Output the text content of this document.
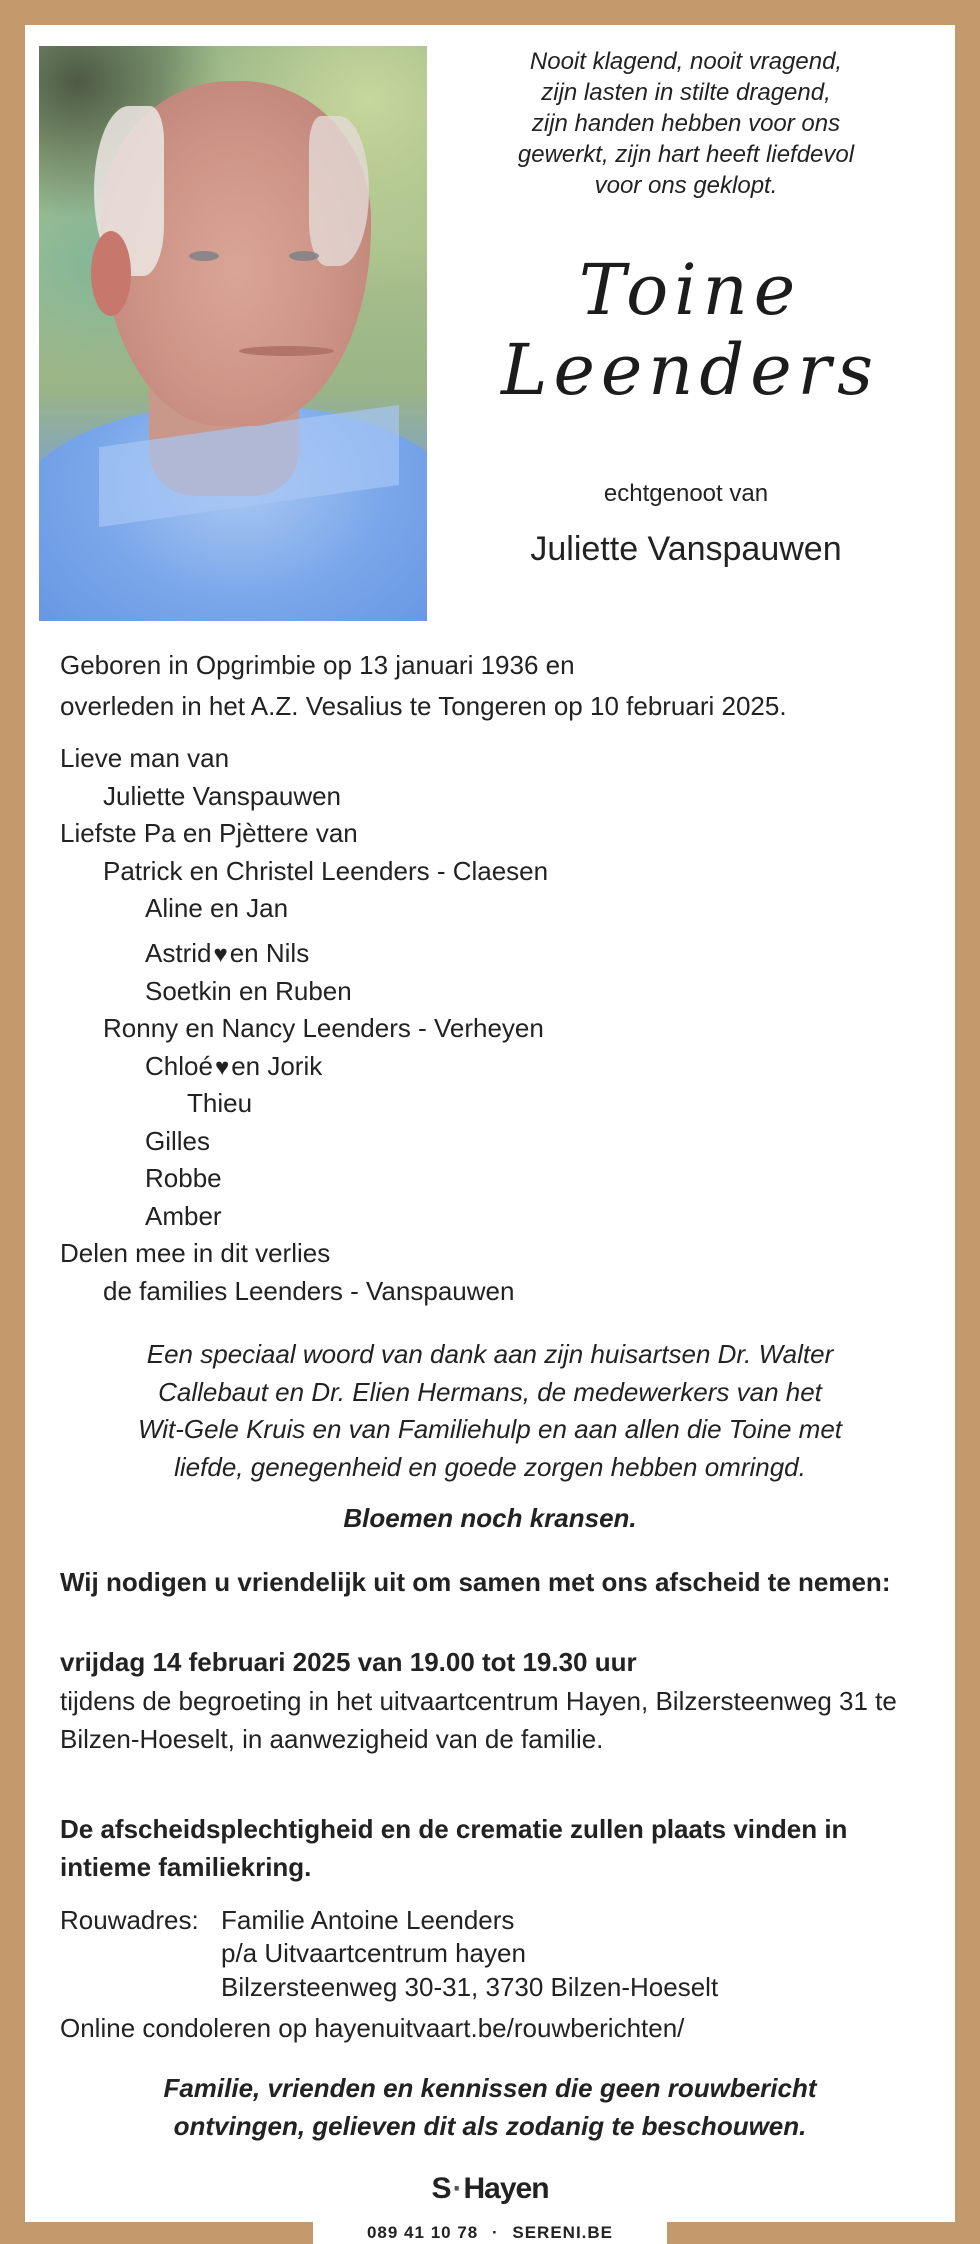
Nooit klagend, nooit vragend,
zijn lasten in stilte dragend,
zijn handen hebben voor ons
gewerkt, zijn hart heeft liefdevol
voor ons geklopt.
Toine
Leenders
echtgenoot van
Juliette Vanspauwen
Geboren in Opgrimbie op 13 januari 1936 en
overleden in het A.Z. Vesalius te Tongeren op 10 februari 2025.
Lieve man van
Juliette Vanspauwen
Liefste Pa en Pjèttere van
Patrick en Christel Leenders - Claesen
Aline en Jan
Astrid♥en Nils
Soetkin en Ruben
Ronny en Nancy Leenders - Verheyen
Chloé♥en Jorik
Thieu
Gilles
Robbe
Amber
Delen mee in dit verlies
de families Leenders - Vanspauwen
Een speciaal woord van dank aan zijn huisartsen Dr. Walter
Callebaut en Dr. Elien Hermans, de medewerkers van het
Wit-Gele Kruis en van Familiehulp en aan allen die Toine met
liefde, genegenheid en goede zorgen hebben omringd.
Bloemen noch kransen.
Wij nodigen u vriendelijk uit om samen met ons afscheid te nemen:
vrijdag 14 februari 2025 van 19.00 tot 19.30 uur
tijdens de begroeting in het uitvaartcentrum Hayen, Bilzersteenweg 31 te Bilzen-Hoeselt, in aanwezigheid van de familie.
De afscheidsplechtigheid en de crematie zullen plaats vinden in intieme familiekring.
Rouwadres: Familie Antoine Leenders
p/a Uitvaartcentrum hayen
Bilzersteenweg 30-31, 3730 Bilzen-Hoeselt
Online condoleren op hayenuitvaart.be/rouwberichten/
Familie, vrienden en kennissen die geen rouwbericht
ontvingen, gelieven dit als zodanig te beschouwen.
S·Hayen
089 41 10 78 · SERENI.BE
